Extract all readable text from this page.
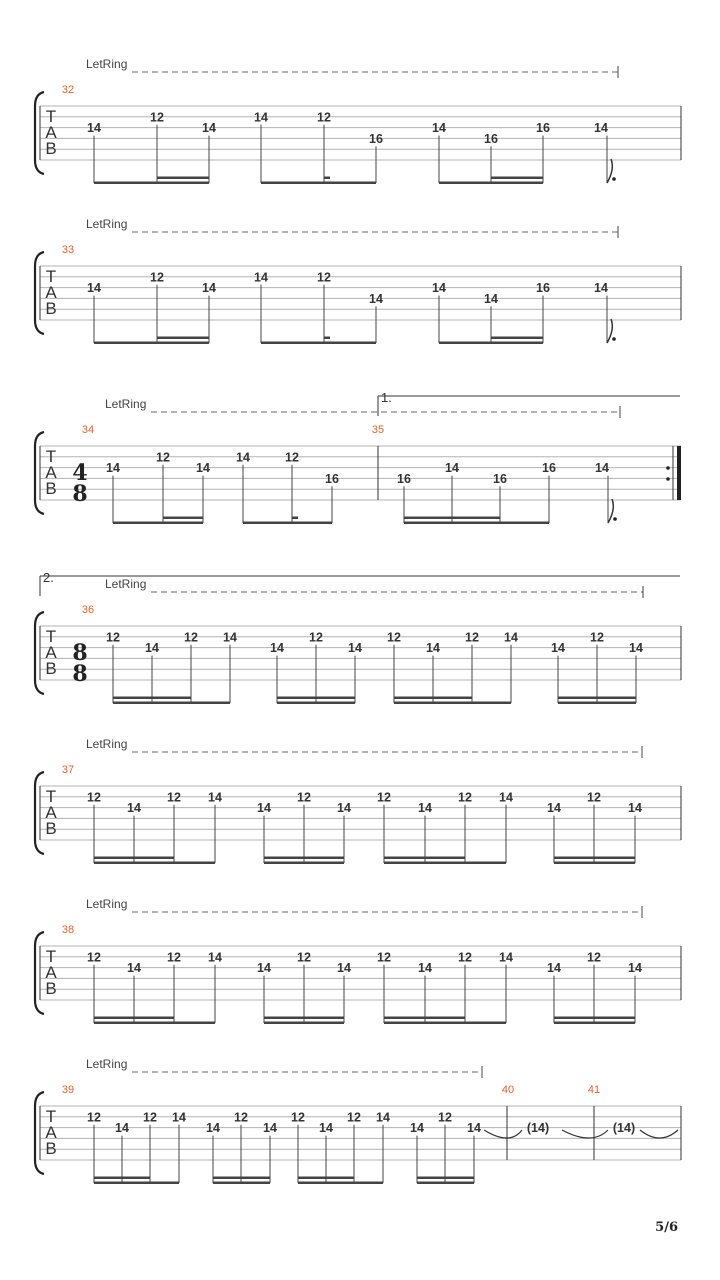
LetRing
T
A
B
32
14
12
14
14	12
16
14
16
16	14
LetRing
T
A
B
33
14
12
14
14	12
14
14
14
16	14
LetRing
T
A
B
4
8
1.
34
14
12
14
14	12
16
35
16
14
16
16	14
LetRing
T
A
B
8
8
2.
36
12
14
12 14
14
12
14
12
14
12 14
14
12
14
LetRing
T
A
B
37
12
14
12 14
14
12
14
12
14
12 14
14
12
14
LetRing
T
A
B
38
12
14
12 14
14
12
14
12
14
12 14
14
12
14
LetRing
T
A
B
39
12
14
12 14
14
12
14
12
14
12 14
14
12
14
40
(14)
41
(14)
5/6
